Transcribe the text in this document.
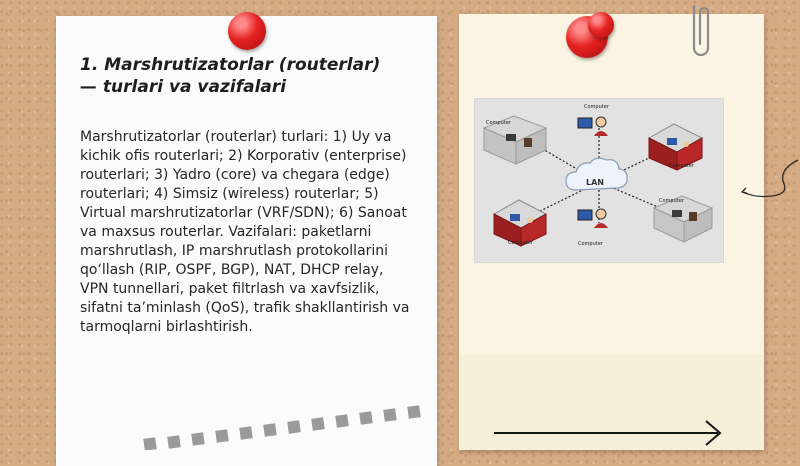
1. Marshrutizatorlar (routerlar) — turlari va vazifalari

Marshrutizatorlar (routerlar) turlari: 1) Uy va kichik ofis routerlari; 2) Korporativ (enterprise) routerlari; 3) Yadro (core) va chegara (edge) routerlari; 4) Simsiz (wireless) routerlar; 5) Virtual marshrutizatorlar (VRF/SDN); 6) Sanoat va maxsus routerlar. Vazifalari: paketlarni marshrutlash, IP marshrutlash protokollarini qo‘llash (RIP, OSPF, BGP), NAT, DHCP relay, VPN tunnellari, paket filtrlash va xavfsizlik, sifatni ta’minlash (QoS), trafik shakllantirish va tarmoqlarni birlashtirish.

LAN
Computer
Computer
Computer
Computer
Computer	Computer
